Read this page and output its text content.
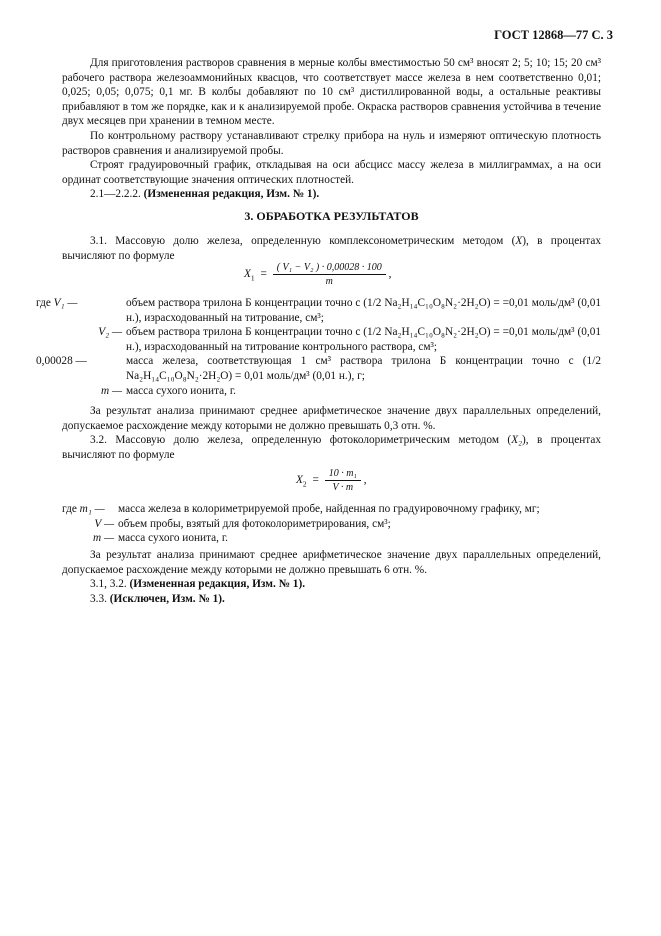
ГОСТ 12868—77 С. 3
Для приготовления растворов сравнения в мерные колбы вместимостью 50 см³ вносят 2; 5; 10; 15; 20 см³ рабочего раствора железоаммонийных квасцов, что соответствует массе железа в нем соответственно 0,01; 0,025; 0,05; 0,075; 0,1 мг. В колбы добавляют по 10 см³ дистиллированной воды, а остальные реактивы прибавляют в том же порядке, как и к анализируемой пробе. Окраска растворов сравнения устойчива в течение двух месяцев при хранении в темном месте.
По контрольному раствору устанавливают стрелку прибора на нуль и измеряют оптическую плотность растворов сравнения и анализируемой пробы.
Строят градуировочный график, откладывая на оси абсцисс массу железа в миллиграммах, а на оси ординат соответствующие значения оптических плотностей.
2.1—2.2.2. (Измененная редакция, Изм. № 1).
3. ОБРАБОТКА РЕЗУЛЬТАТОВ
3.1. Массовую долю железа, определенную комплексонометрическим методом (X), в процентах вычисляют по формуле
$X_1 = \frac{\text{( V₁ − V₂ ) · 0,00028 · 100}}{m}$ ,
где V₁ —	объем раствора трилона Б концентрации точно c (1/2 Na₂H₁₄C₁₀O₈N₂·2H₂O) = =0,01 моль/дм³ (0,01 н.), израсходованный на титрование, см³;
V₂ — объем раствора трилона Б концентрации точно c (1/2 Na₂H₁₄C₁₀O₈N₂·2H₂O) = =0,01 моль/дм³ (0,01 н.), израсходованный на титрование контрольного раствора, см³;
0,00028 —	масса железа, соответствующая 1 см³ раствора трилона Б концентрации точно c (1/2 Na₂H₁₄C₁₀O₈N₂·2H₂O) = 0,01 моль/дм³ (0,01 н.), г;
m — масса сухого ионита, г.
За результат анализа принимают среднее арифметическое значение двух параллельных определений, допускаемое расхождение между которыми не должно превышать 0,3 отн. %.
3.2. Массовую долю железа, определенную фотоколориметрическим методом (X₂), в процентах вычисляют по формуле
$X_2 = \frac{\text{10 · m₁}}{V \cdot m}$ ,
где m₁ —	масса железа в колориметрируемой пробе, найденная по градуировочному графику, мг;
V — объем пробы, взятый для фотоколориметрирования, см³;
m — масса сухого ионита, г.
За результат анализа принимают среднее арифметическое значение двух параллельных определений, допускаемое расхождение между которыми не должно превышать 6 отн. %.
3.1, 3.2. (Измененная редакция, Изм. № 1).
3.3. (Исключен, Изм. № 1).
